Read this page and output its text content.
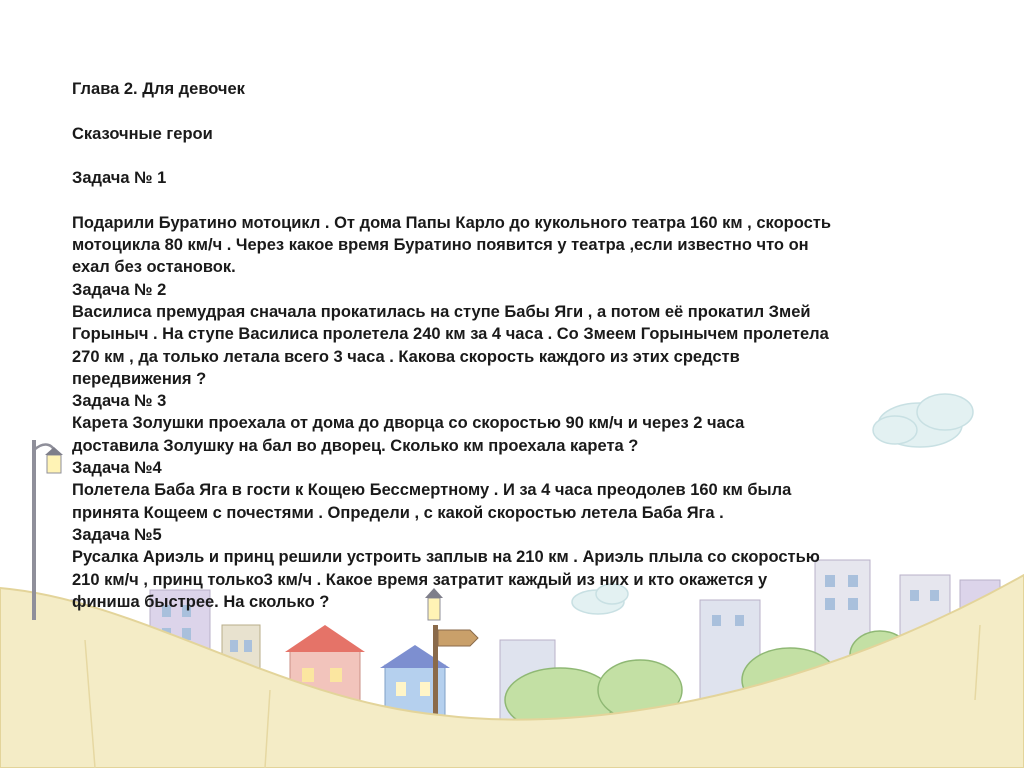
Глава 2. Для девочек

Сказочные герои

Задача № 1

Подарили Буратино мотоцикл . От дома Папы Карло до кукольного театра 160 км , скорость

мотоцикла 80 км/ч . Через какое время Буратино появится у театра ,если известно что он

ехал без остановок.

Задача № 2

Василиса премудрая сначала прокатилась на ступе Бабы Яги , а потом её прокатил Змей

Горыныч . На ступе Василиса пролетела 240 км за 4 часа . Со Змеем Горынычем пролетела

270 км , да только летала всего 3 часа . Какова скорость каждого из этих средств

передвижения ?

Задача № 3

Карета Золушки проехала от дома до дворца со скоростью 90 км/ч и через 2 часа

доставила Золушку на бал во дворец. Сколько км проехала карета ?

Задача №4

Полетела Баба Яга в гости к Кощею Бессмертному . И за 4 часа преодолев 160 км была

принята Кощеем с почестями . Определи , с какой скоростью летела Баба Яга .

Задача №5

Русалка Ариэль и принц решили устроить заплыв на 210 км . Ариэль плыла со скоростью

210 км/ч , принц только3 км/ч . Какое время затратит каждый из них и кто окажется у

финиша быстрее. На сколько ?
